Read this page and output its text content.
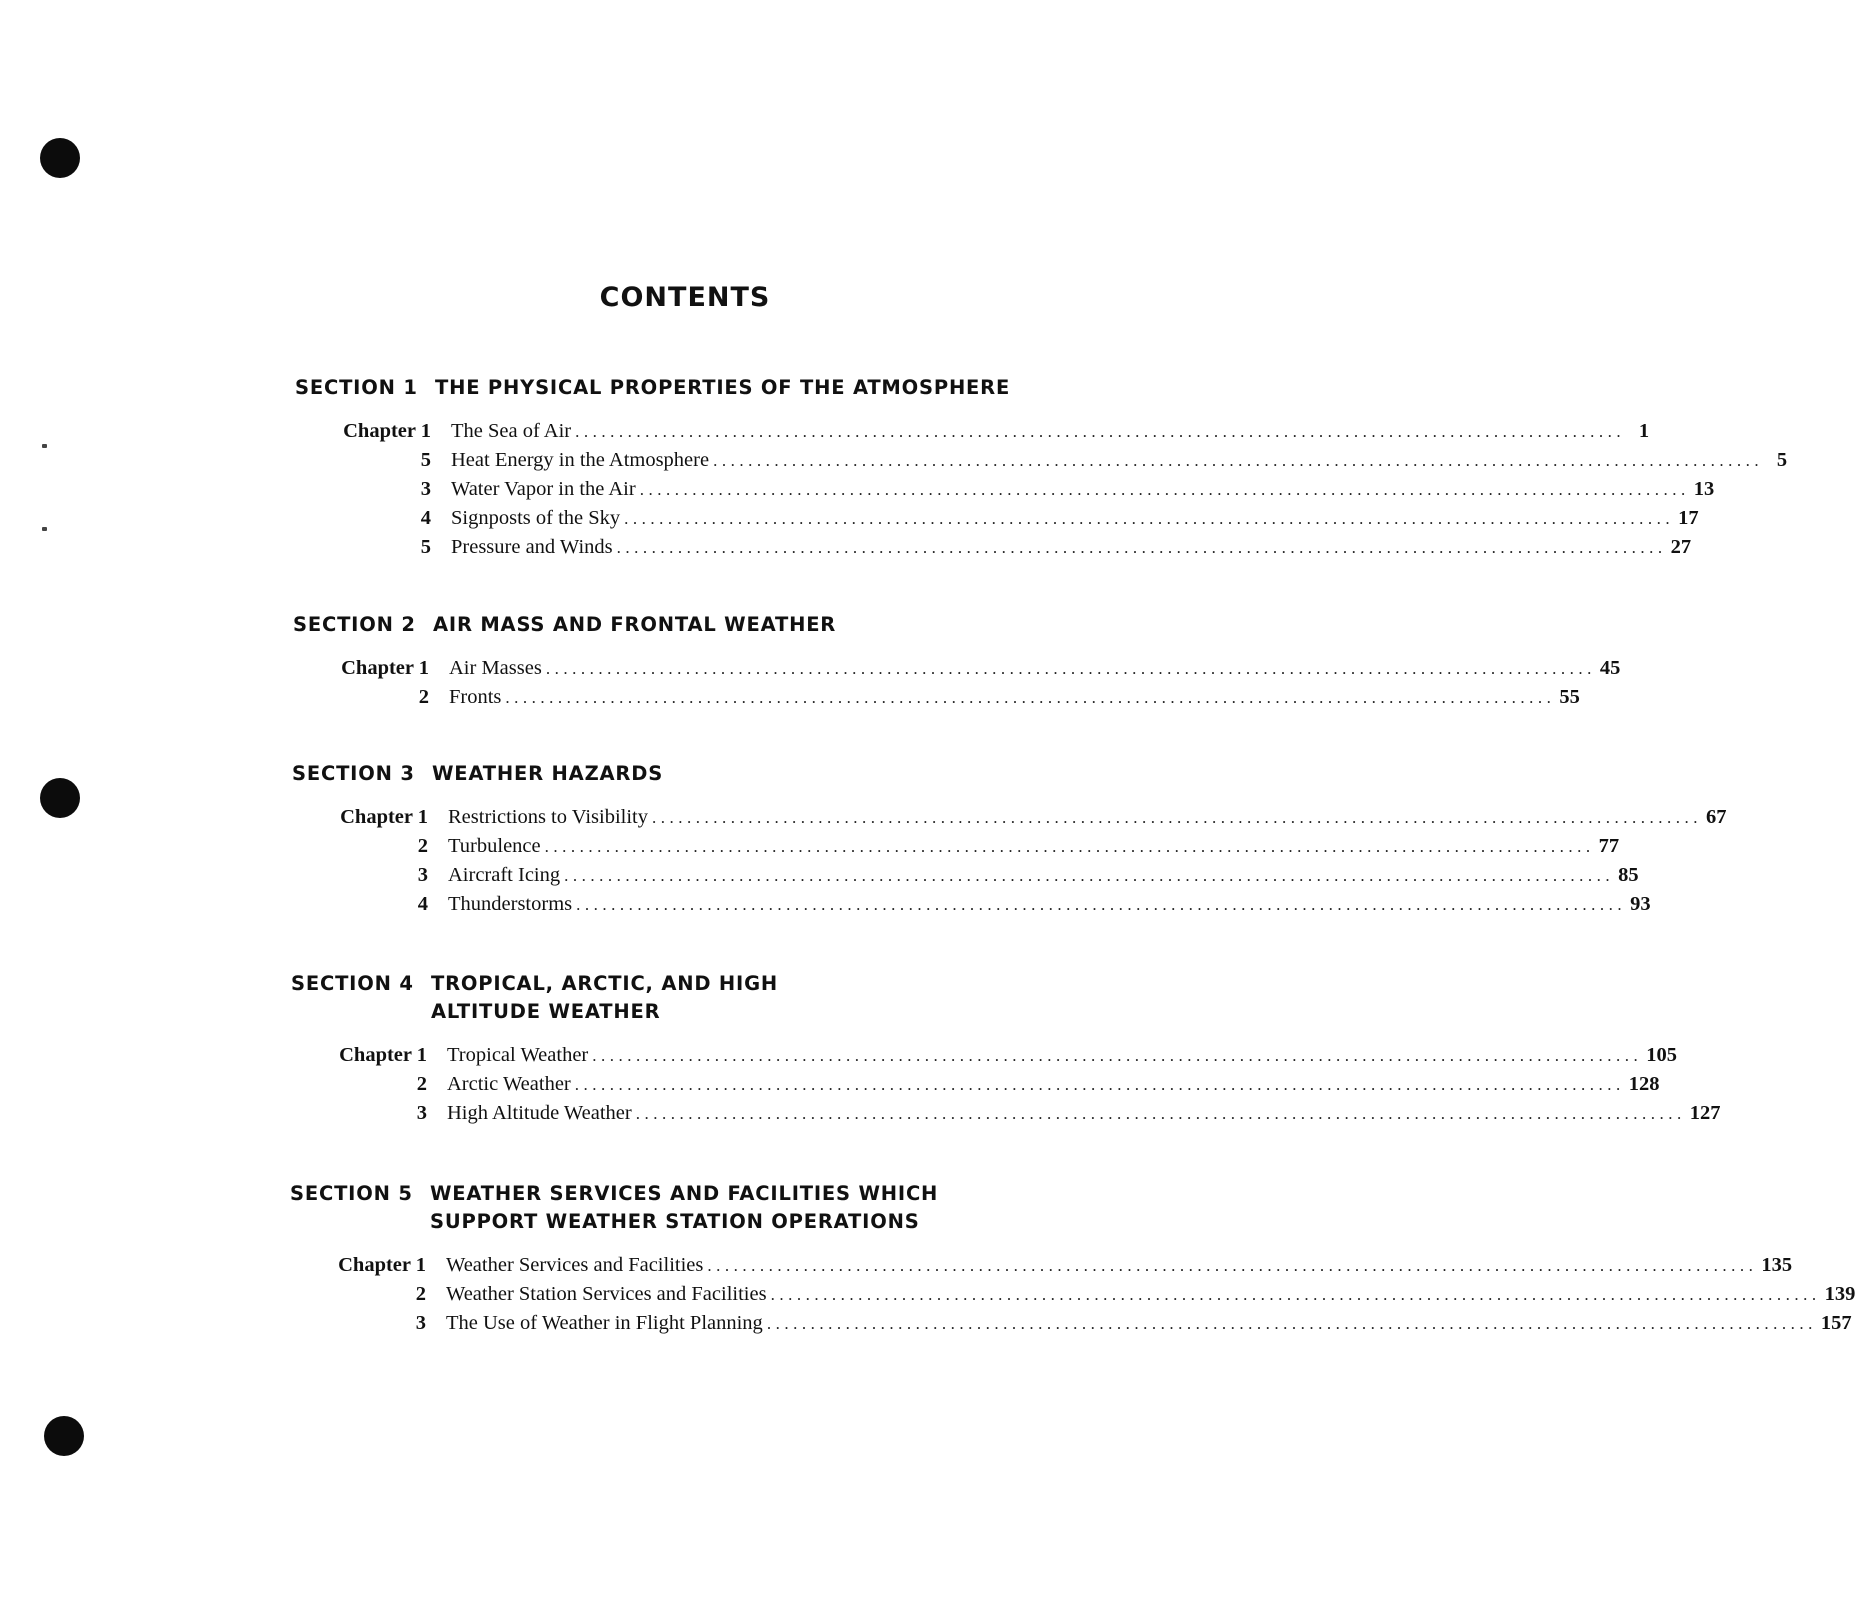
CONTENTS
SECTION 1 THE PHYSICAL PROPERTIES OF THE ATMOSPHERE
Chapter 1 The Sea of Air ........................................................................................................................ 1
5 Heat Energy in the Atmosphere ........................................................................................................................ 5
3 Water Vapor in the Air ........................................................................................................................ 13
4 Signposts of the Sky ........................................................................................................................ 17
5 Pressure and Winds ........................................................................................................................ 27
SECTION 2 AIR MASS AND FRONTAL WEATHER
Chapter 1 Air Masses ........................................................................................................................ 45
2 Fronts ........................................................................................................................ 55
SECTION 3 WEATHER HAZARDS
Chapter 1 Restrictions to Visibility ........................................................................................................................ 67
2 Turbulence ........................................................................................................................ 77
3 Aircraft Icing ........................................................................................................................ 85
4 Thunderstorms ........................................................................................................................ 93
SECTION 4 TROPICAL, ARCTIC, AND HIGH
ALTITUDE WEATHER
Chapter 1 Tropical Weather ........................................................................................................................ 105
2 Arctic Weather ........................................................................................................................ 128
3 High Altitude Weather ........................................................................................................................ 127
SECTION 5 WEATHER SERVICES AND FACILITIES WHICH
SUPPORT WEATHER STATION OPERATIONS
Chapter 1 Weather Services and Facilities ........................................................................................................................ 135
2 Weather Station Services and Facilities ........................................................................................................................ 139
3 The Use of Weather in Flight Planning ........................................................................................................................ 157
